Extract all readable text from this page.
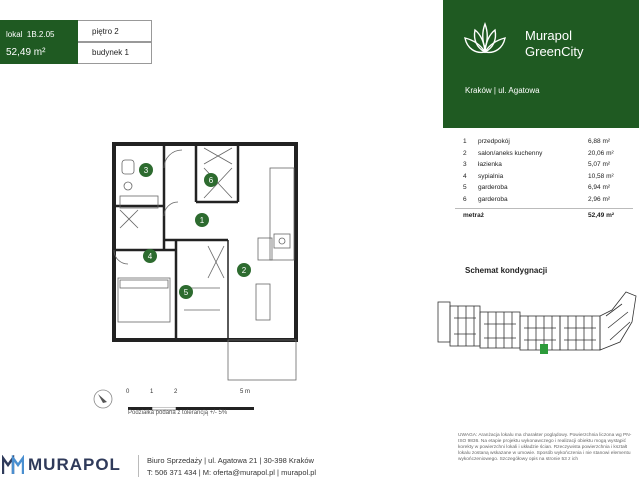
lokal 1B.2.05
52,49 m²
piętro 2
budynek 1
Murapol
GreenCity
Kraków | ul. Agatowa
1 przedpokój	6,88 m²
2 salon/aneks kuchenny	20,06 m²
3 łazienka	5,07 m²
4 sypialnia	10,58 m²
5 garderoba	6,94 m²
6 garderoba	2,96 m²
metraż	52,49 m²
Schemat kondygnacji
3
6
1
4
2
5
0	1	2	5 m
Podziałka podana z tolerancją +/- 5%
UWAGA: Aranżacja lokalu ma charakter poglądowy. Powierzchnia liczona wg PN-ISO 9836. Na etapie projektu wykonawczego i realizacji obiektu mogą wystąpić korekty w powierzchni lokali i układzie ścian. Rzeczywista powierzchnia i kształt lokalu zostaną wskazane w umowie. Sposób wykończenia i nie stanowi elementu wykończeniowego. Szczegółowy opis na stronie 53 z ich
MURAPOL	Biuro Sprzedaży | ul. Agatowa 21 | 30-398 Kraków
T: 506 371 434 | M: oferta@murapol.pl | murapol.pl
